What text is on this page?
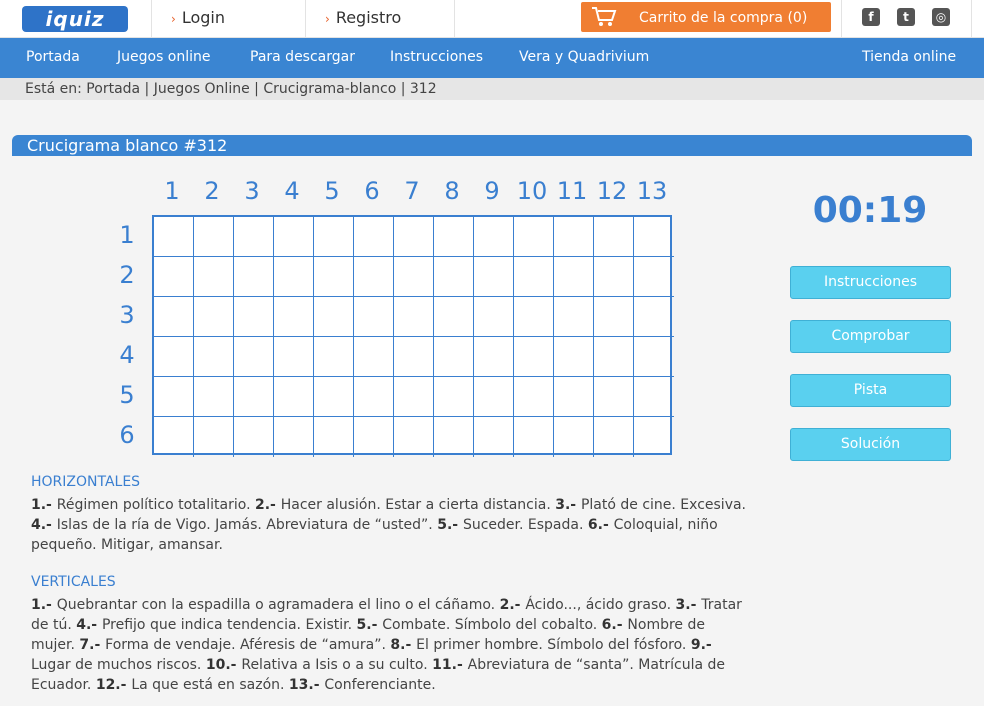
iquiz	› Login	› Registro	Carrito de la compra (0)	f	t	◎
Portada	Juegos online	Para descargar	Instrucciones	Vera y Quadrivium	Tienda online
Está en: Portada | Juegos Online | Crucigrama-blanco | 312
Crucigrama blanco #312
1	2	3	4	5	6	7	8	9 10 11 12 13
1
2
3
4
5
6
00:19
Instrucciones
Comprobar
Pista
Solución
HORIZONTALES
1.- Régimen político totalitario. 2.- Hacer alusión. Estar a cierta distancia. 3.- Plató de cine. Excesiva. 4.- Islas de la ría de Vigo. Jamás. Abreviatura de “usted”. 5.- Suceder. Espada. 6.- Coloquial, niño pequeño. Mitigar, amansar.
VERTICALES
1.- Quebrantar con la espadilla o agramadera el lino o el cáñamo. 2.- Ácido..., ácido graso. 3.- Tratar de tú. 4.- Prefijo que indica tendencia. Existir. 5.- Combate. Símbolo del cobalto. 6.- Nombre de mujer. 7.- Forma de vendaje. Aféresis de “amura”. 8.- El primer hombre. Símbolo del fósforo. 9.- Lugar de muchos riscos. 10.- Relativa a Isis o a su culto. 11.- Abreviatura de “santa”. Matrícula de Ecuador. 12.- La que está en sazón. 13.- Conferenciante.
